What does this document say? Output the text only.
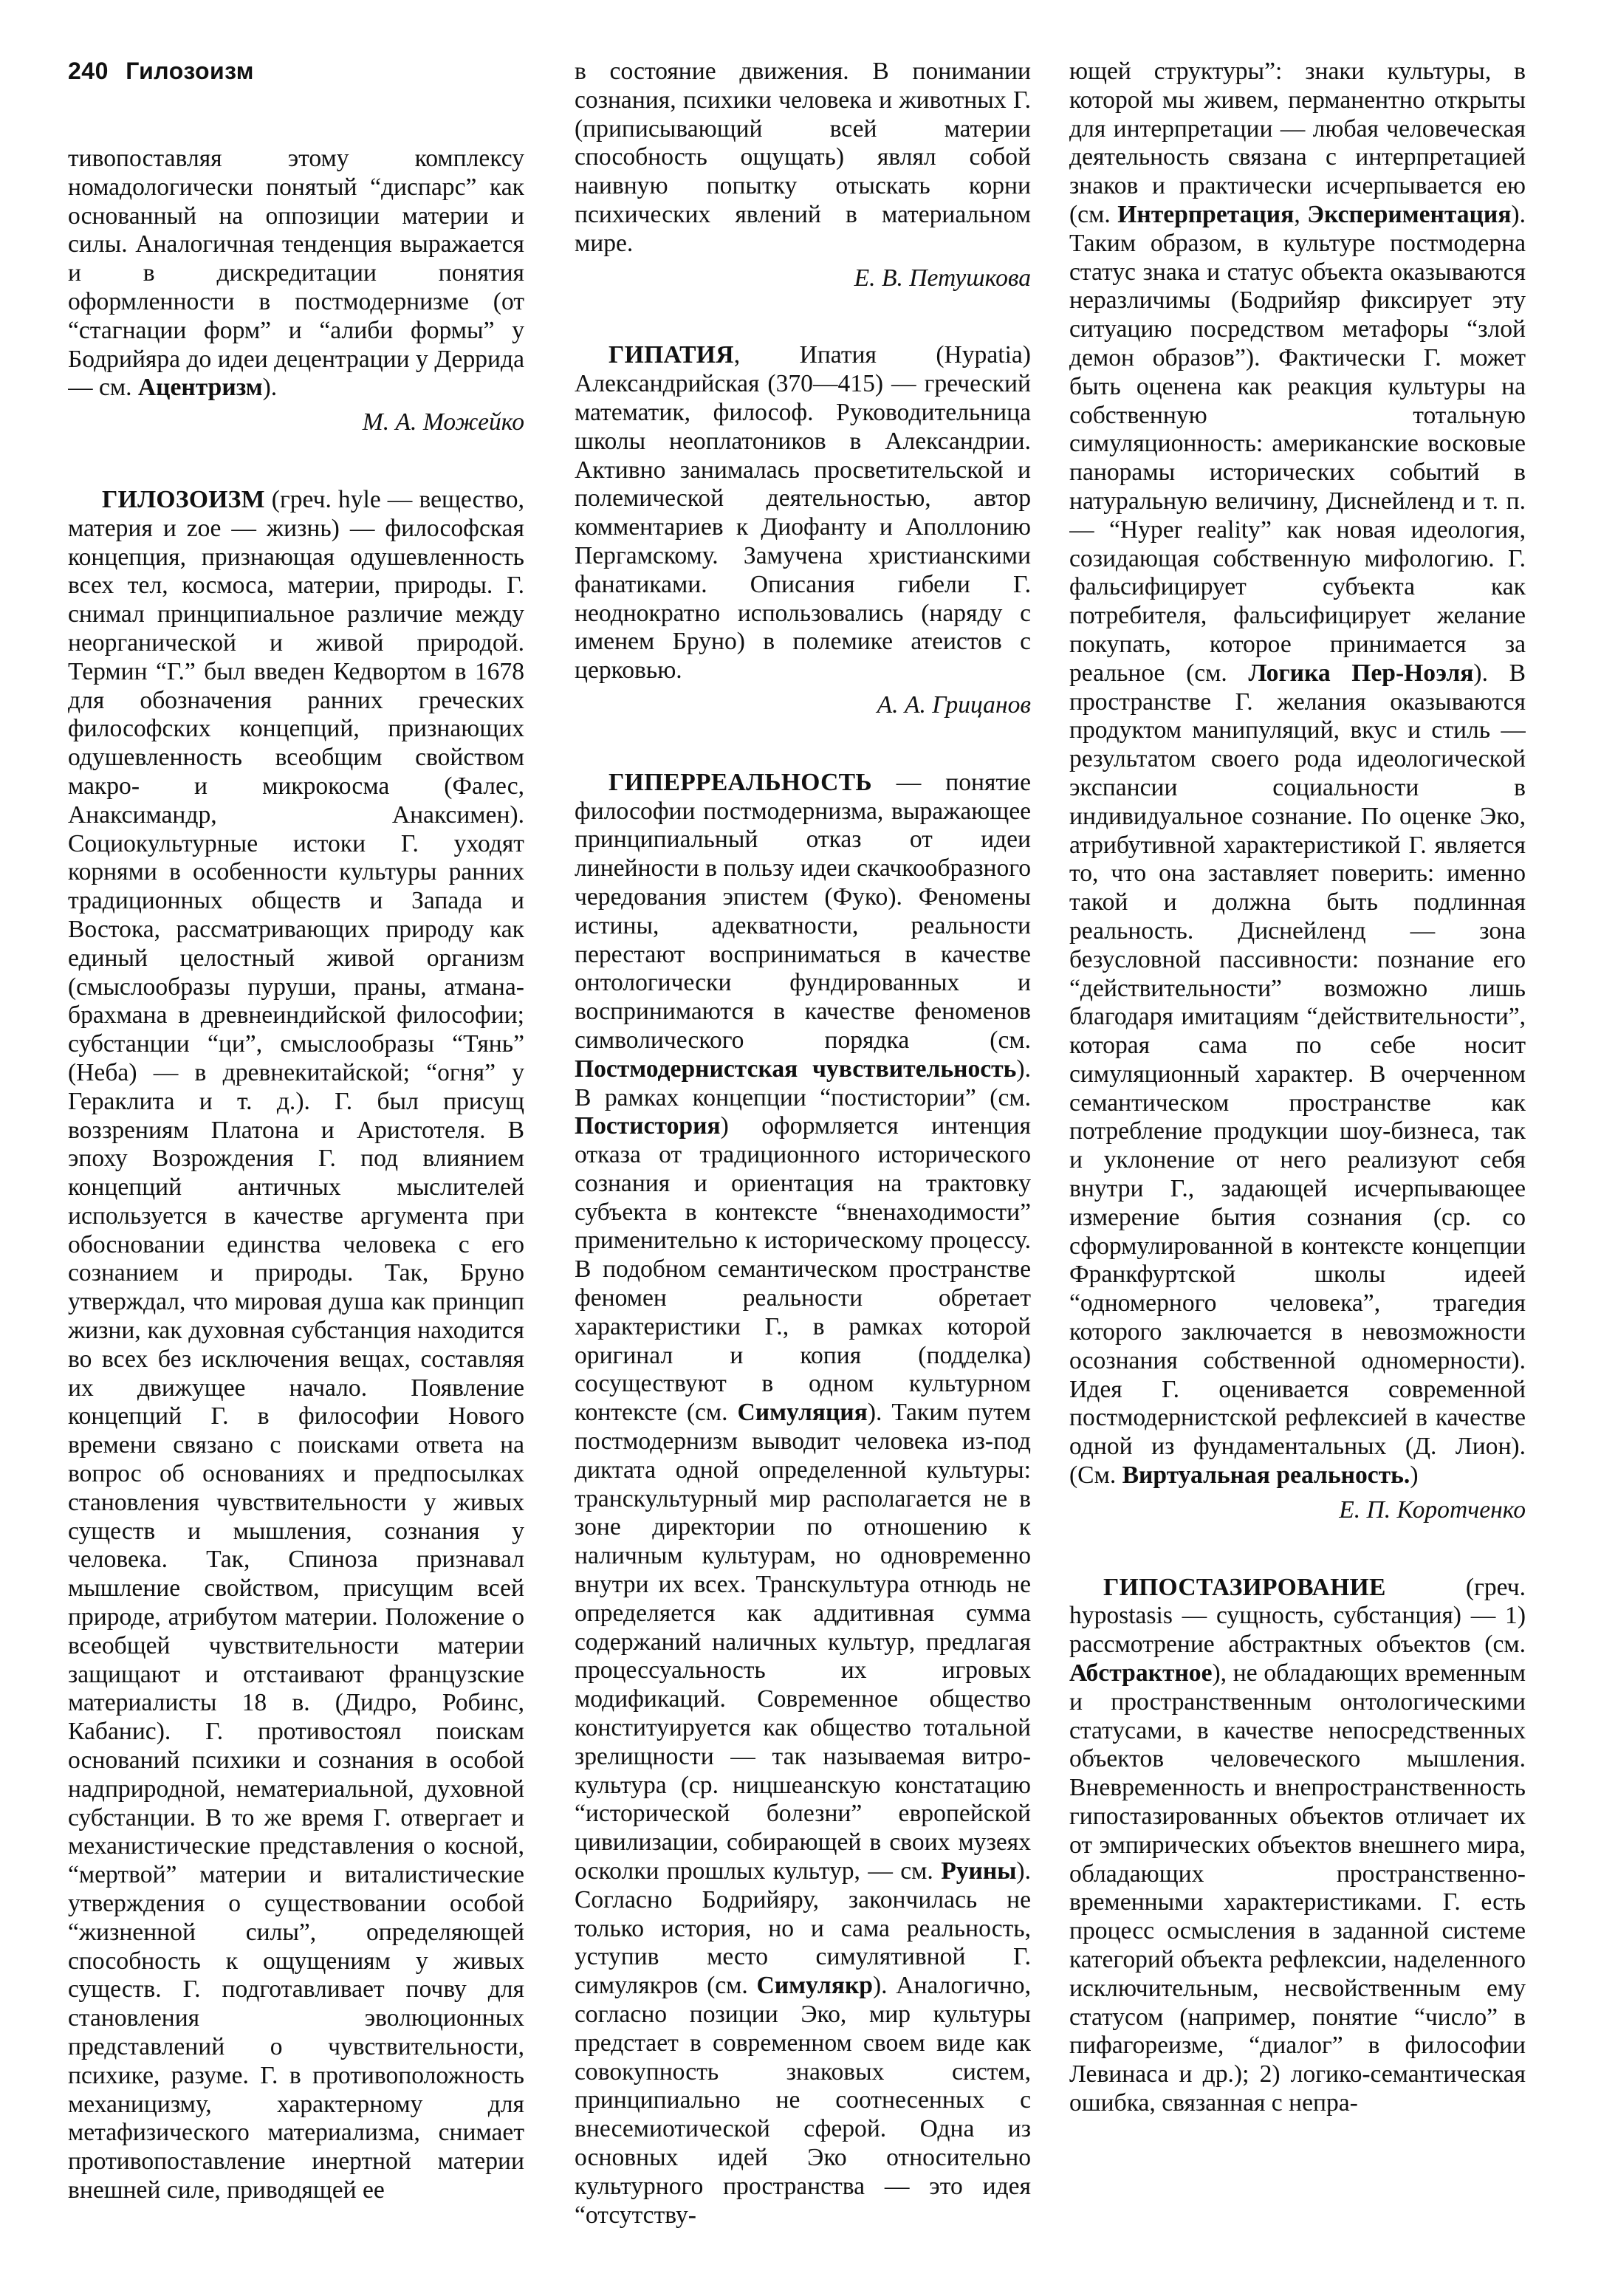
240 Гилозоизм

тивопоставляя этому комплексу номадологически понятый “диспарс” как основанный на оппозиции материи и силы. Аналогичная тенденция выражается и в дискредитации понятия оформленности в постмодернизме (от “стагнации форм” и “алиби формы” у Бодрийяра до идеи децентрации у Деррида — см. Ацентризм).

М. А. Можейко

ГИЛОЗОИЗМ (греч. hyle — вещество, материя и zoe — жизнь) — философская концепция, признающая одушевленность всех тел, космоса, материи, природы. Г. снимал принципиальное различие между неорганической и живой природой. Термин “Г.” был введен Кедвортом в 1678 для обозначения ранних греческих философских концепций, признающих одушевленность всеобщим свойством макро- и микрокосма (Фалес, Анаксимандр, Анаксимен). Социокультурные истоки Г. уходят корнями в особенности культуры ранних традиционных обществ и Запада и Востока, рассматривающих природу как единый целостный живой организм (смыслообразы пуруши, праны, атмана-брахмана в древнеиндийской философии; субстанции “ци”, смыслообразы “Тянь” (Неба) — в древнекитайской; “огня” у Гераклита и т. д.). Г. был присущ воззрениям Платона и Аристотеля. В эпоху Возрождения Г. под влиянием концепций античных мыслителей используется в качестве аргумента при обосновании единства человека с его сознанием и природы. Так, Бруно утверждал, что мировая душа как принцип жизни, как духовная субстанция находится во всех без исключения вещах, составляя их движущее начало. Появление концепций Г. в философии Нового времени связано с поисками ответа на вопрос об основаниях и предпосылках становления чувствительности у живых существ и мышления, сознания у человека. Так, Спиноза признавал мышление свойством, присущим всей природе, атрибутом материи. Положение о всеобщей чувствительности материи защищают и отстаивают французские материалисты 18 в. (Дидро, Робинс, Кабанис). Г. противостоял поискам оснований психики и сознания в особой надприродной, нематериальной, духовной субстанции. В то же время Г. отвергает и механистические представления о косной, “мертвой” материи и виталистические утверждения о существовании особой “жизненной силы”, определяющей способность к ощущениям у живых существ. Г. подготавливает почву для становления эволюционных представлений о чувствительности, психике, разуме. Г. в противоположность механицизму, характерному для метафизического материализма, снимает противопоставление инертной материи внешней силе, приводящей ее

в состояние движения. В понимании сознания, психики человека и животных Г. (приписывающий всей материи способность ощущать) являл собой наивную попытку отыскать корни психических явлений в материальном мире.

Е. В. Петушкова

ГИПАТИЯ, Ипатия (Hypatia) Александрийская (370—415) — греческий математик, философ. Руководительница школы неоплатоников в Александрии. Активно занималась просветительской и полемической деятельностью, автор комментариев к Диофанту и Аполлонию Пергамскому. Замучена христианскими фанатиками. Описания гибели Г. неоднократно использовались (наряду с именем Бруно) в полемике атеистов с церковью.

А. А. Грицанов

ГИПЕРРЕАЛЬНОСТЬ — понятие философии постмодернизма, выражающее принципиальный отказ от идеи линейности в пользу идеи скачкообразного чередования эпистем (Фуко). Феномены истины, адекватности, реальности перестают восприниматься в качестве онтологически фундированных и воспринимаются в качестве феноменов символического порядка (см. Постмодернистская чувствительность). В рамках концепции “постистории” (см. Постистория) оформляется интенция отказа от традиционного исторического сознания и ориентация на трактовку субъекта в контексте “вненаходимости” применительно к историческому процессу. В подобном семантическом пространстве феномен реальности обретает характеристики Г., в рамках которой оригинал и копия (подделка) сосуществуют в одном культурном контексте (см. Симуляция). Таким путем постмодернизм выводит человека из-под диктата одной определенной культуры: транскультурный мир располагается не в зоне директории по отношению к наличным культурам, но одновременно внутри их всех. Транскультура отнюдь не определяется как аддитивная сумма содержаний наличных культур, предлагая процессуальность их игровых модификаций. Современное общество конституируется как общество тотальной зрелищности — так называемая витро-культура (ср. ницшеанскую констатацию “исторической болезни” европейской цивилизации, собирающей в своих музеях осколки прошлых культур, — см. Руины). Согласно Бодрийяру, закончилась не только история, но и сама реальность, уступив место симулятивной Г. симулякров (см. Симулякр). Аналогично, согласно позиции Эко, мир культуры предстает в современном своем виде как совокупность знаковых систем, принципиально не соотнесенных с внесемиотической сферой. Одна из основных идей Эко относительно культурного пространства — это идея “отсутству-

ющей структуры”: знаки культуры, в которой мы живем, перманентно открыты для интерпретации — любая человеческая деятельность связана с интерпретацией знаков и практически исчерпывается ею (см. Интерпретация, Экспериментация). Таким образом, в культуре постмодерна статус знака и статус объекта оказываются неразличимы (Бодрийяр фиксирует эту ситуацию посредством метафоры “злой демон образов”). Фактически Г. может быть оценена как реакция культуры на собственную тотальную симуляционность: американские восковые панорамы исторических событий в натуральную величину, Диснейленд и т. п. — “Hyper reality” как новая идеология, созидающая собственную мифологию. Г. фальсифицирует субъекта как потребителя, фальсифицирует желание покупать, которое принимается за реальное (см. Логика Пер-Ноэля). В пространстве Г. желания оказываются продуктом манипуляций, вкус и стиль — результатом своего рода идеологической экспансии социальности в индивидуальное сознание. По оценке Эко, атрибутивной характеристикой Г. является то, что она заставляет поверить: именно такой и должна быть подлинная реальность. Диснейленд — зона безусловной пассивности: познание его “действительности” возможно лишь благодаря имитациям “действительности”, которая сама по себе носит симуляционный характер. В очерченном семантическом пространстве как потребление продукции шоу-бизнеса, так и уклонение от него реализуют себя внутри Г., задающей исчерпывающее измерение бытия сознания (ср. со сформулированной в контексте концепции Франкфуртской школы идеей “одномерного человека”, трагедия которого заключается в невозможности осознания собственной одномерности). Идея Г. оценивается современной постмодернистской рефлексией в качестве одной из фундаментальных (Д. Лион). (См. Виртуальная реальность.)

Е. П. Коротченко

ГИПОСТАЗИРОВАНИЕ (греч. hypostasis — сущность, субстанция) — 1) рассмотрение абстрактных объектов (см. Абстрактное), не обладающих временным и пространственным онтологическими статусами, в качестве непосредственных объектов человеческого мышления. Вневременность и внепространственность гипостазированных объектов отличает их от эмпирических объектов внешнего мира, обладающих пространственно-временными характеристиками. Г. есть процесс осмысления в заданной системе категорий объекта рефлексии, наделенного исключительным, несвойственным ему статусом (например, понятие “число” в пифагореизме, “диалог” в философии Левинаса и др.); 2) логико-семантическая ошибка, связанная с непра-
